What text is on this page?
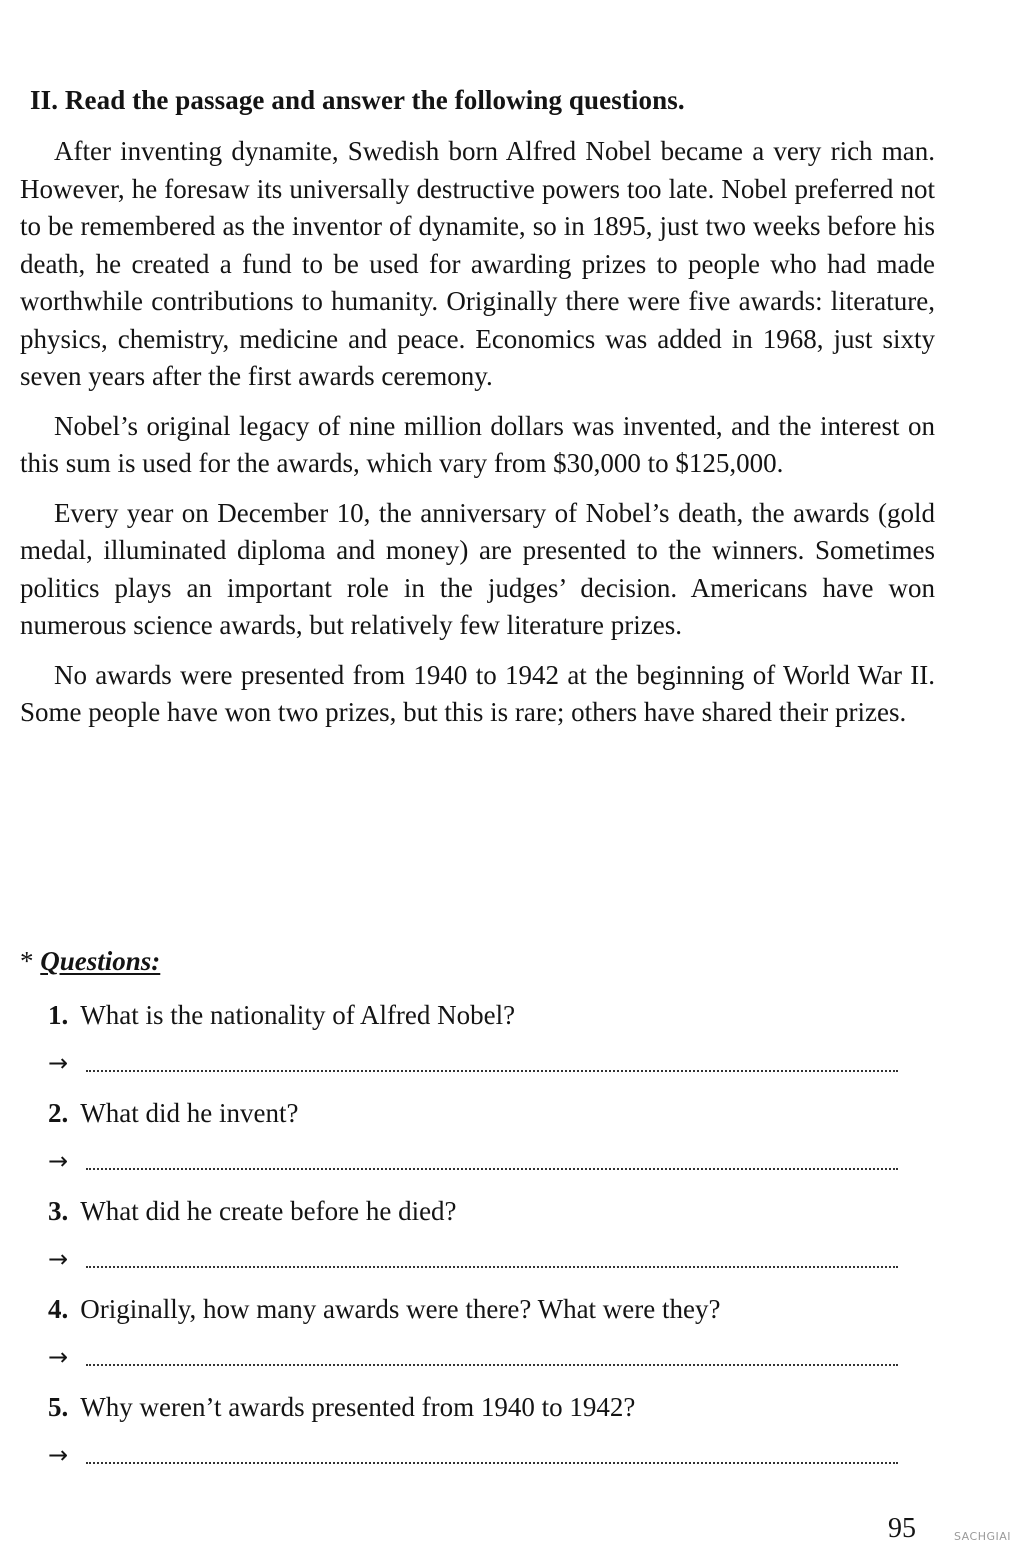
II. Read the passage and answer the following questions.

After inventing dynamite, Swedish born Alfred Nobel became a very rich man. However, he foresaw its universally destructive powers too late. Nobel preferred not to be remembered as the inventor of dynamite, so in 1895, just two weeks before his death, he created a fund to be used for awarding prizes to people who had made worthwhile contributions to humanity. Originally there were five awards: literature, physics, chemistry, medicine and peace. Economics was added in 1968, just sixty seven years after the first awards ceremony.

Nobel’s original legacy of nine million dollars was invented, and the interest on this sum is used for the awards, which vary from $30,000 to $125,000.

Every year on December 10, the anniversary of Nobel’s death, the awards (gold medal, illuminated diploma and money) are presented to the winners. Sometimes politics plays an important role in the judges’ decision. Americans have won numerous science awards, but relatively few literature prizes.

No awards were presented from 1940 to 1942 at the beginning of World War II. Some people have won two prizes, but this is rare; others have shared their prizes.

* Questions:
1. What is the nationality of Alfred Nobel?
→
2. What did he invent?
→
3. What did he create before he died?
→
4. Originally, how many awards were there? What were they?
→
5. Why weren’t awards presented from 1940 to 1942?
→
95	SACHGIAI
